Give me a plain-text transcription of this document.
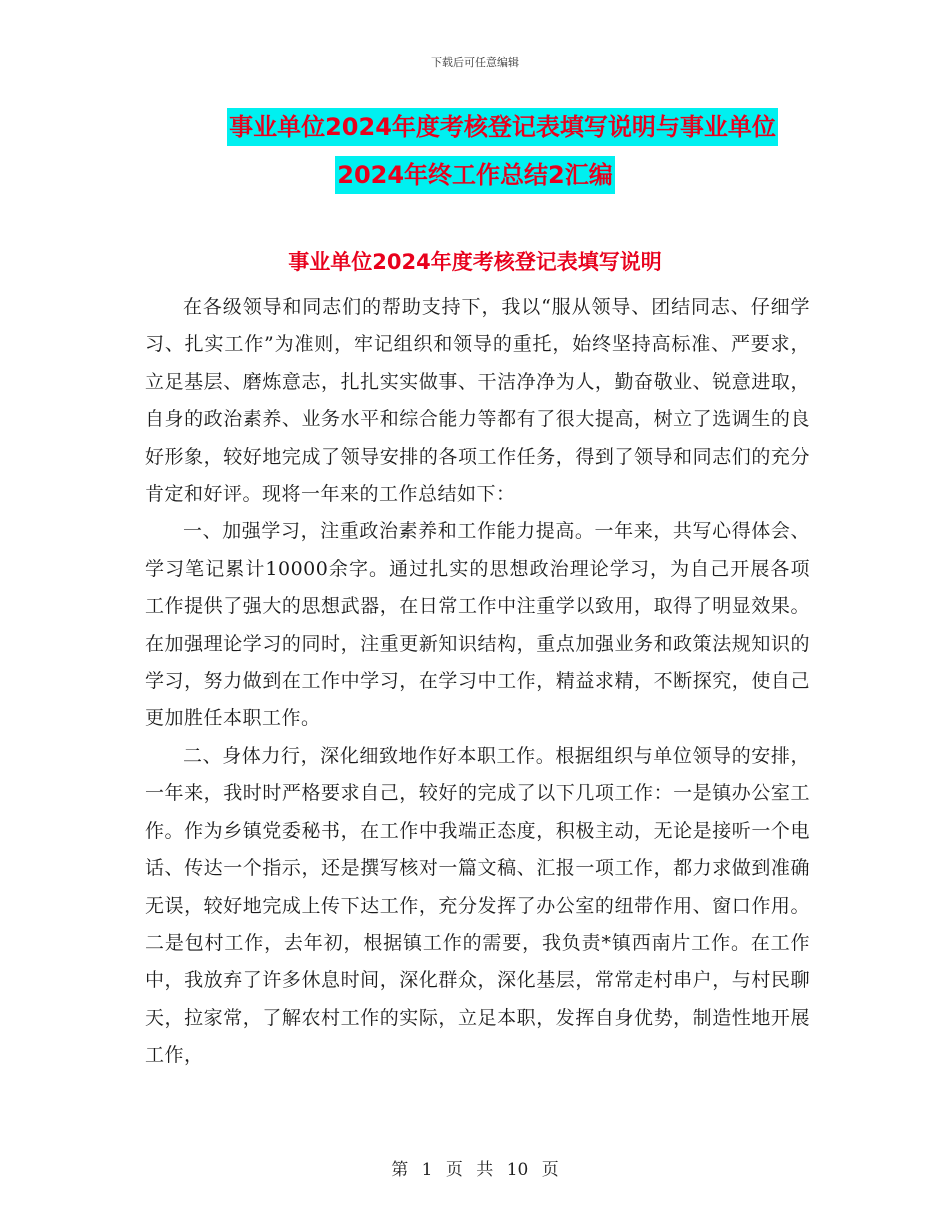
下载后可任意编辑
事业单位2024年度考核登记表填写说明与事业单位
2024年终工作总结2汇编
事业单位2024年度考核登记表填写说明

在各级领导和同志们的帮助支持下，我以“服从领导、团结同志、仔细学习、扎实工作”为准则，牢记组织和领导的重托，始终坚持高标准、严要求，立足基层、磨炼意志，扎扎实实做事、干洁净净为人，勤奋敬业、锐意进取，自身的政治素养、业务水平和综合能力等都有了很大提高，树立了选调生的良好形象，较好地完成了领导安排的各项工作任务，得到了领导和同志们的充分肯定和好评。现将一年来的工作总结如下：

一、加强学习，注重政治素养和工作能力提高。一年来，共写心得体会、学习笔记累计10000余字。通过扎实的思想政治理论学习，为自己开展各项工作提供了强大的思想武器，在日常工作中注重学以致用，取得了明显效果。在加强理论学习的同时，注重更新知识结构，重点加强业务和政策法规知识的学习，努力做到在工作中学习，在学习中工作，精益求精，不断探究，使自己更加胜任本职工作。

二、身体力行，深化细致地作好本职工作。根据组织与单位领导的安排，一年来，我时时严格要求自己，较好的完成了以下几项工作：一是镇办公室工作。作为乡镇党委秘书，在工作中我端正态度，积极主动，无论是接听一个电话、传达一个指示，还是撰写核对一篇文稿、汇报一项工作，都力求做到准确无误，较好地完成上传下达工作，充分发挥了办公室的纽带作用、窗口作用。二是包村工作，去年初，根据镇工作的需要，我负责*镇西南片工作。在工作中，我放弃了许多休息时间，深化群众，深化基层，常常走村串户，与村民聊天，拉家常，了解农村工作的实际，立足本职，发挥自身优势，制造性地开展工作，

第 1 页 共 10 页
